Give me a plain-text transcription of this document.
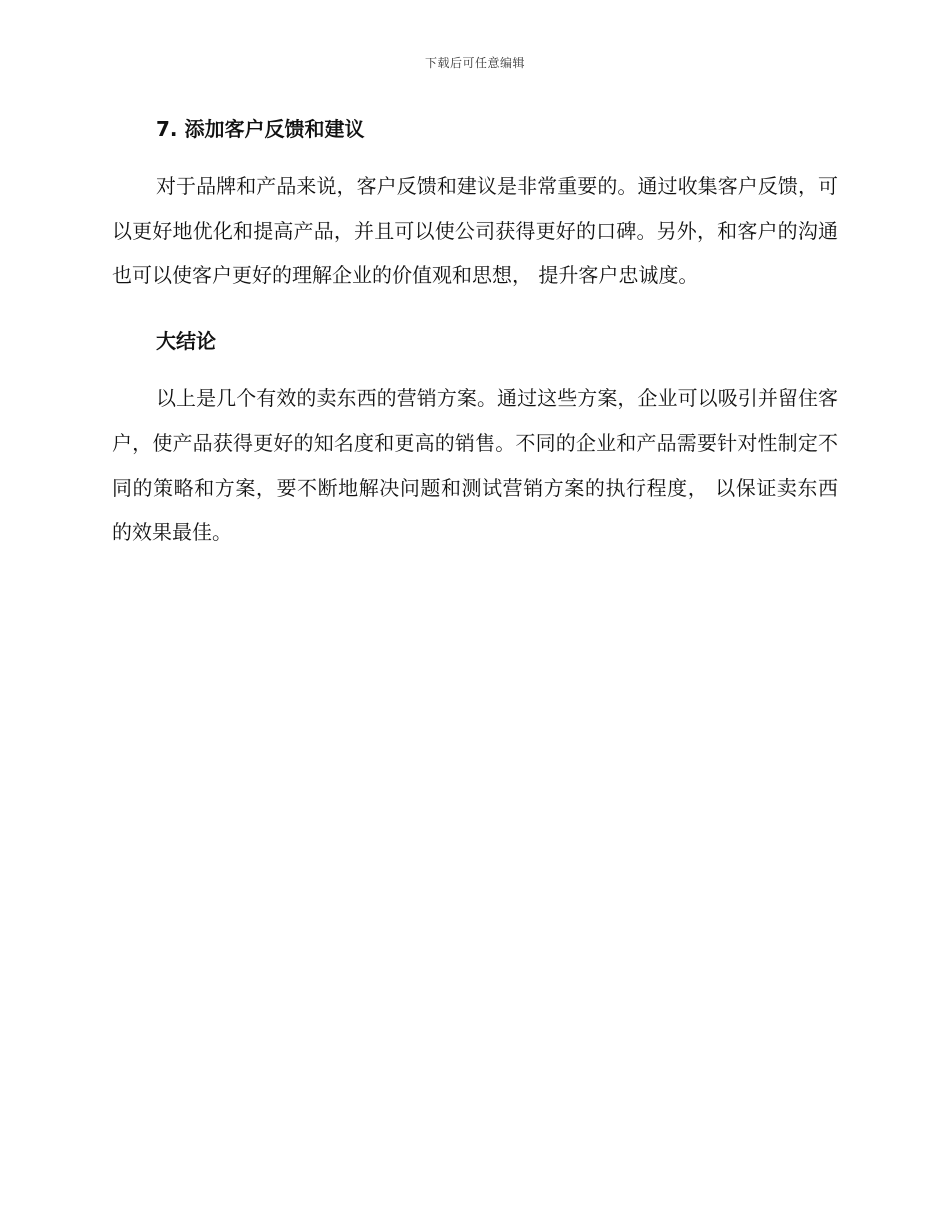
下载后可任意编辑
7. 添加客户反馈和建议

对于品牌和产品来说，客户反馈和建议是非常重要的。通过收集客户反馈，可以更好地优化和提高产品，并且可以使公司获得更好的口碑。另外，和客户的沟通也可以使客户更好的理解企业的价值观和思想， 提升客户忠诚度。

大结论

以上是几个有效的卖东西的营销方案。通过这些方案，企业可以吸引并留住客户，使产品获得更好的知名度和更高的销售。不同的企业和产品需要针对性制定不同的策略和方案，要不断地解决问题和测试营销方案的执行程度， 以保证卖东西的效果最佳。
